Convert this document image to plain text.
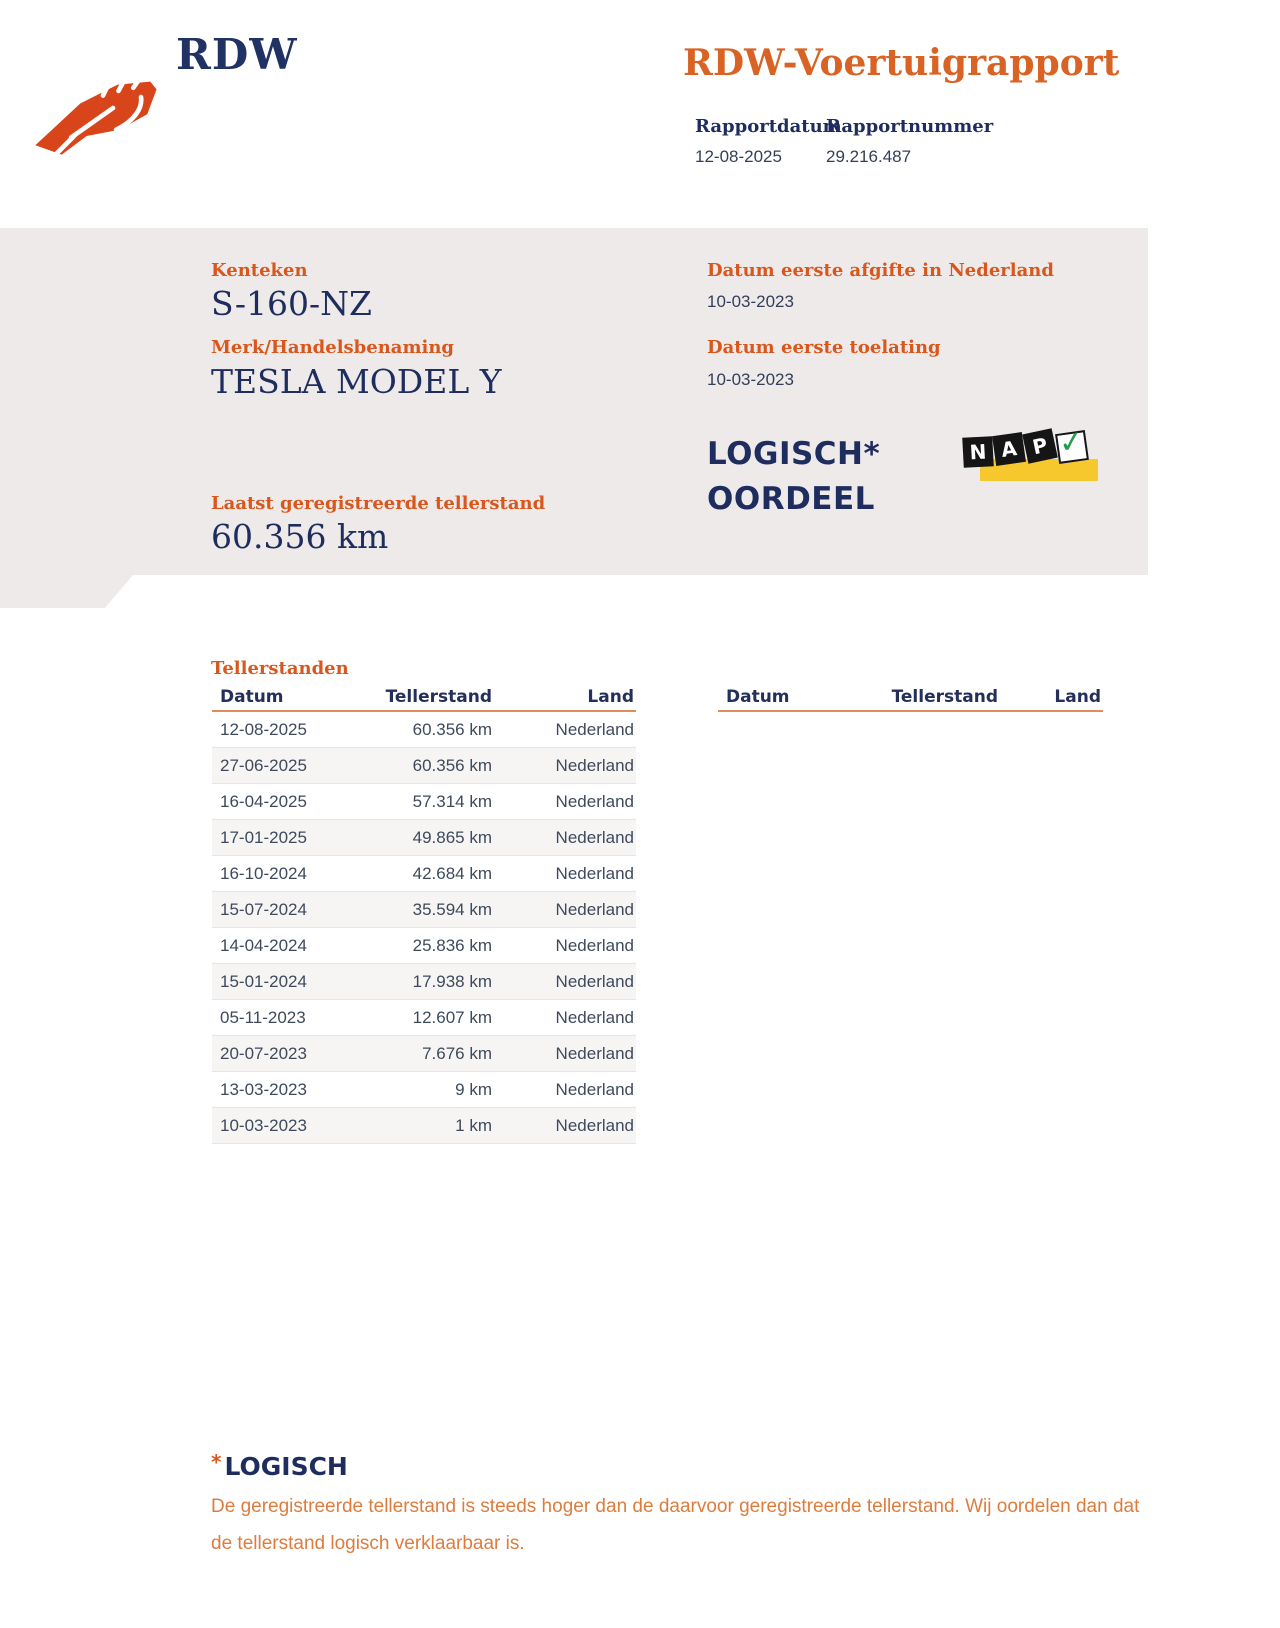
RDW	RDW-Voertuigrapport
Rapportdatum
12-08-2025
Rapportnummer
29.216.487
Kenteken
S-160-NZ
Merk/Handelsbenaming
TESLA MODEL Y
Laatst geregistreerde tellerstand
60.356 km
Datum eerste afgifte in Nederland
10-03-2023
Datum eerste toelating
10-03-2023
LOGISCH*
OORDEEL
N A P ✓
Tellerstanden
Datum	Tellerstand	Land
12-08-2025	60.356 km	Nederland
27-06-2025	60.356 km	Nederland
16-04-2025	57.314 km	Nederland
17-01-2025	49.865 km	Nederland
16-10-2024	42.684 km	Nederland
15-07-2024	35.594 km	Nederland
14-04-2024	25.836 km	Nederland
15-01-2024	17.938 km	Nederland
05-11-2023	12.607 km	Nederland
20-07-2023	7.676 km	Nederland
13-03-2023	9 km	Nederland
10-03-2023	1 km	Nederland
Datum	Tellerstand	Land
* LOGISCH
De geregistreerde tellerstand is steeds hoger dan de daarvoor geregistreerde tellerstand. Wij oordelen dan dat de tellerstand logisch verklaarbaar is.
